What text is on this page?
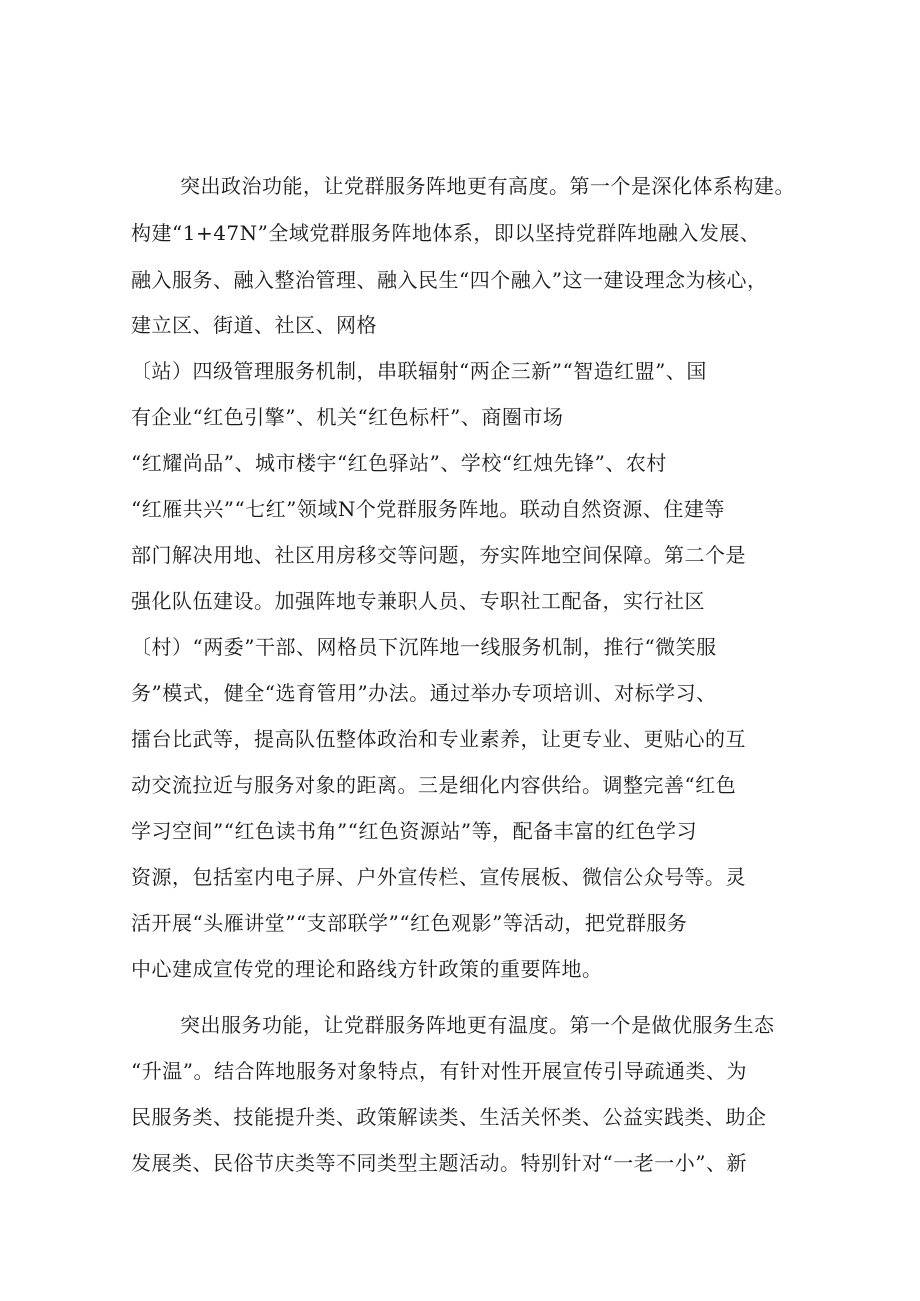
突出政治功能，让党群服务阵地更有高度。第一个是深化体系构建。
构建“1+47N”全域党群服务阵地体系，即以坚持党群阵地融入发展、
融入服务、融入整治管理、融入民生“四个融入”这一建设理念为核心，
建立区、街道、社区、网格
〔站）四级管理服务机制，串联辐射“两企三新”“智造红盟”、国
有企业“红色引擎”、机关“红色标杆”、商圈市场
“红耀尚品”、城市楼宇“红色驿站”、学校“红烛先锋”、农村
“红雁共兴”“七红”领域N个党群服务阵地。联动自然资源、住建等
部门解决用地、社区用房移交等问题，夯实阵地空间保障。第二个是
强化队伍建设。加强阵地专兼职人员、专职社工配备，实行社区
〔村）“两委”干部、网格员下沉阵地一线服务机制，推行“微笑服
务”模式，健全“选育管用”办法。通过举办专项培训、对标学习、
擂台比武等，提高队伍整体政治和专业素养，让更专业、更贴心的互
动交流拉近与服务对象的距离。三是细化内容供给。调整完善“红色
学习空间”“红色读书角”“红色资源站”等，配备丰富的红色学习
资源，包括室内电子屏、户外宣传栏、宣传展板、微信公众号等。灵
活开展“头雁讲堂”“支部联学”“红色观影”等活动，把党群服务
中心建成宣传党的理论和路线方针政策的重要阵地。
突出服务功能，让党群服务阵地更有温度。第一个是做优服务生态
“升温”。结合阵地服务对象特点，有针对性开展宣传引导疏通类、为
民服务类、技能提升类、政策解读类、生活关怀类、公益实践类、助企
发展类、民俗节庆类等不同类型主题活动。特别针对“一老一小”、新
